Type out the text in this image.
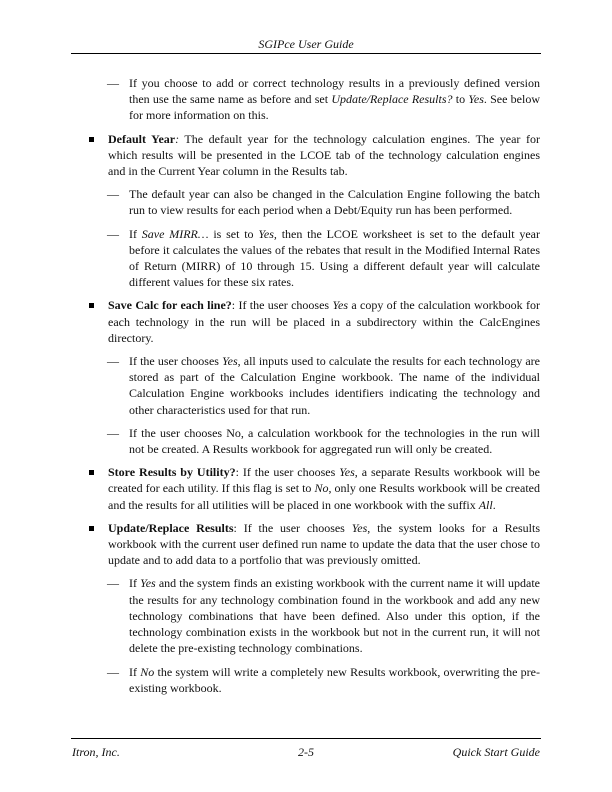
SGIPce User Guide
— If you choose to add or correct technology results in a previously defined version then use the same name as before and set Update/Replace Results? to Yes. See below for more information on this.
Default Year: The default year for the technology calculation engines. The year for which results will be presented in the LCOE tab of the technology calculation engines and in the Current Year column in the Results tab.
— The default year can also be changed in the Calculation Engine following the batch run to view results for each period when a Debt/Equity run has been performed.
— If Save MIRR… is set to Yes, then the LCOE worksheet is set to the default year before it calculates the values of the rebates that result in the Modified Internal Rates of Return (MIRR) of 10 through 15. Using a different default year will calculate different values for these six rates.
Save Calc for each line?: If the user chooses Yes a copy of the calculation workbook for each technology in the run will be placed in a subdirectory within the CalcEngines directory.
— If the user chooses Yes, all inputs used to calculate the results for each technology are stored as part of the Calculation Engine workbook. The name of the individual Calculation Engine workbooks includes identifiers indicating the technology and other characteristics used for that run.
— If the user chooses No, a calculation workbook for the technologies in the run will not be created. A Results workbook for aggregated run will only be created.
Store Results by Utility?: If the user chooses Yes, a separate Results workbook will be created for each utility. If this flag is set to No, only one Results workbook will be created and the results for all utilities will be placed in one workbook with the suffix All.
Update/Replace Results: If the user chooses Yes, the system looks for a Results workbook with the current user defined run name to update the data that the user chose to update and to add data to a portfolio that was previously omitted.
— If Yes and the system finds an existing workbook with the current name it will update the results for any technology combination found in the workbook and add any new technology combinations that have been defined. Also under this option, if the technology combination exists in the workbook but not in the current run, it will not delete the pre-existing technology combinations.
— If No the system will write a completely new Results workbook, overwriting the pre-existing workbook.
Itron, Inc.	2-5	Quick Start Guide
